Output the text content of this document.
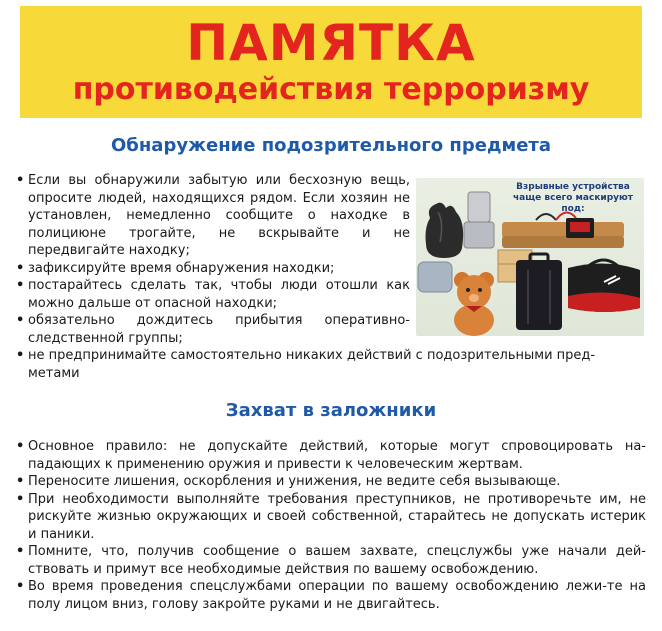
ПАМЯТКА
противодействия терроризму
Обнаружение подозрительного предмета
• Если вы обнаружили забытую или бесхозную вещь, опросите людей, находящихся рядом. Если хозяин не установлен, немедленно сообщите о находке в полициюне трогайте, не вскрывайте и не передвигайте находку;
• зафиксируйте время обнаружения находки;
• постарайтесь сделать так, чтобы люди отошли как можно дальше от опасной находки;
• обязательно дождитесь прибытия оперативно-следственной группы;
• не предпринимайте самостоятельно никаких действий с подозрительными пред-метами
Взрывные устройства чаще всего маскируют под:
Захват в заложники
• Основное правило: не допускайте действий, которые могут спровоцировать на-падающих к применению оружия и привести к человеческим жертвам.
• Переносите лишения, оскорбления и унижения, не ведите себя вызывающе.
• При необходимости выполняйте требования преступников, не противоречьте им, не рискуйте жизнью окружающих и своей собственной, старайтесь не допускать истерик и паники.
• Помните, что, получив сообщение о вашем захвате, спецслужбы уже начали дей-ствовать и примут все необходимые действия по вашему освобождению.
• Во время проведения спецслужбами операции по вашему освобождению лежи-те на полу лицом вниз, голову закройте руками и не двигайтесь.
